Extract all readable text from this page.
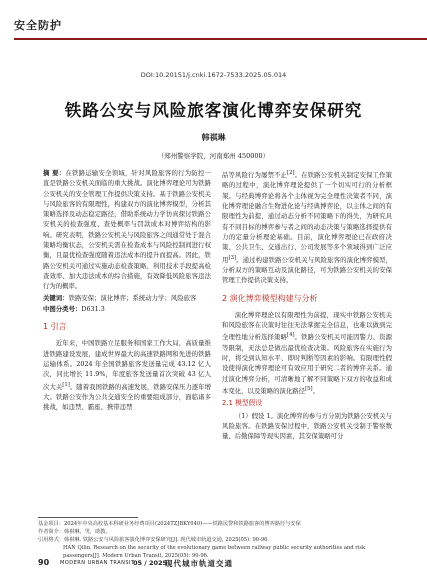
安全防护
DOI:10.20151/j.cnki.1672-7533.2025.05.014
铁路公安与风险旅客演化博弈安保研究
韩祺琳
（郑州警察学院，河南郑州 450000）
摘 要：在铁路运输安全领域，针对风险旅客的行为防控一直是铁路公安机关面临的重大挑战。演化博弈理论可为铁路公安机关的安全管理工作提供决策支持。基于铁路公安机关与风险旅客的有限理性，构建双方的演化博弈模型，分析其策略选择及动态稳定路径，借助系统动力学仿真探讨铁路公安机关的检查强度、查处概率与罚款成本对博弈结构的影响。研究表明，铁路公安机关与风险旅客之间通常处于混合策略均衡状态，公安机关需在检查成本与风险控制间进行权衡，且最优检查强度随着违法成本的提升而提高。因此，铁路公安机关可通过实施动态检查策略、利用技术手段提高检查效率、加大违法成本的综合措施，有效降低风险旅客违法行为的概率。
关键词：铁路安保；演化博弈；系统动力学；风险旅客
中图分类号：D631.3
1 引言

近年来，中国铁路立足服务和国家工作大局，高质量推进铁路建设发展，建成世界最大的高速铁路网和先进的铁路运输体系。2024 年全国铁路旅客发送量完成 43.12 亿人次，同比增长 11.9%，年度旅客发送量首次突破 43 亿人次大关[1]。随着我国铁路的高速发展，铁路安保压力逐年增大。铁路公安作为公共交通安全的重要组成部分，面临诸多挑战，如违禁、霸座、携带违禁

品等风险行为屡禁不止[2]。在铁路公安机关制定安保工作策略的过程中，演化博弈理论提供了一个切实可行的分析框架。与经典博弈论将各个主体视为完全理性决策者不同，演化博弈理论融合生物进化论与经典博弈论，以主体之间的有限理性为前提，通过动态分析不同策略下的得失，为研究具有不同目标的博弈参与者之间的动态决策与策略选择提供有力的定量分析理论基础。目前，演化博弈理论已在政府决策、公共卫生、交通出行、公司发展等多个领域得到广泛应用[3]。通过构建铁路公安机关与风险旅客的演化博弈模型，分析双方的策略互动及演化路径，可为铁路公安机关的安保管理工作提供决策支持。

2 演化博弈模型构建与分析

演化博弈理论以有限理性为前提，现实中铁路公安机关和风险旅客在决策时往往无法掌握完全信息，也难以做到完全理性地分析选择策略[4]。铁路公安机关可能因警力、资源等限制，无法总是做出最优检查决策。风险旅客在实施行为时，将受到认知水平、即时判断等因素的影响。有限理性假设使得演化博弈理论可有效应用于研究二者的博弈关系。通过演化博弈分析，可清晰地了解不同策略下双方的收益和成本变化，以及策略的演化路径[5]。

2.1 模型假设

（1）假设 1。演化博弈的参与方分别为铁路公安机关与风险旅客。在铁路安保过程中，铁路公安机关受制于警察数量、后勤保障等现实因素，其安保策略可分

基金项目：2024年中央高校基本科研业务经费项目(2024TZJBKY040)——铁路民警和铁路旅客的博弈路径与安保
作者简介：韩祺琳，男，助教。
引用格式：韩祺琳. 铁路公安与风险旅客演化博弈安保研究[J]. 现代城市轨道交通, 2025(05): 90-96.
HAN Qilin. Research on the security of the evolutionary game between railway public security authorities and risk passengers[J]. Modern Urban Transit, 2025(05): 90-96.
90 MODERN URBAN TRANSIT
05 / 2025
现代城市轨道交通
